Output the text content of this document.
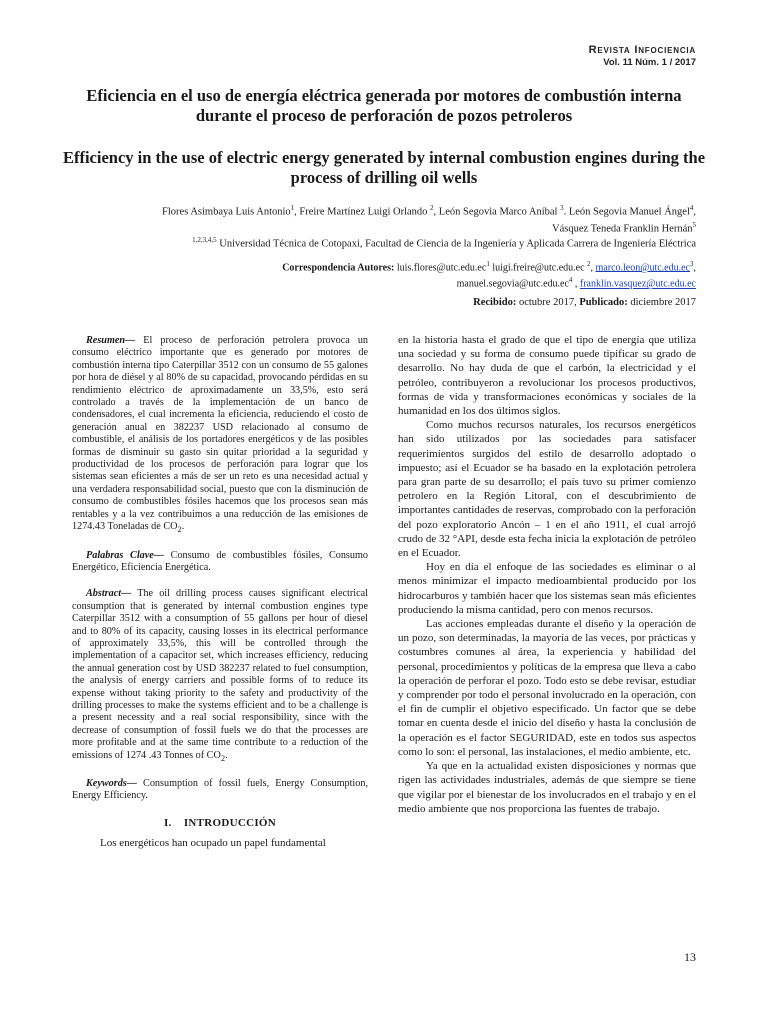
Revista Infociencia
Vol. 11 Núm. 1 / 2017
Eficiencia en el uso de energía eléctrica generada por motores de combustión interna durante el proceso de perforación de pozos petroleros
Efficiency in the use of electric energy generated by internal combustion engines during the process of drilling oil wells
Flores Asimbaya Luis Antonio$^1$, Freire Martínez Luigi Orlando $^2$, León Segovia Marco Aníbal $^3$. León Segovia Manuel Ángel$^4$,
Vásquez Teneda Franklin Hernán$^5$
$^{1,2,3,4,5}$ Universidad Técnica de Cotopaxi, Facultad de Ciencia de la Ingeniería y Aplicada Carrera de Ingeniería Eléctrica
Correspondencia Autores: $luis.flores@utc.edu.ec^1$ luigi.freire@utc.edu.ec $^2$, $marco.leon@utc.edu.ec^3$,
$manuel.segovia@utc.edu.ec^4$ , franklin.vasquez@utc.edu.ec
Recibido: octubre 2017, Publicado: diciembre 2017

Resumen— El proceso de perforación petrolera provoca un consumo eléctrico importante que es generado por motores de combustión interna tipo Caterpillar 3512 con un consumo de 55 galones por hora de diésel y al 80% de su capacidad, provocando pérdidas en su rendimiento eléctrico de aproximadamente un 33,5%, esto será controlado a través de la implementación de un banco de condensadores, el cual incrementa la eficiencia, reduciendo el costo de generación anual en 382237 USD relacionado al consumo de combustible, el análisis de los portadores energéticos y de las posibles formas de disminuir su gasto sin quitar prioridad a la seguridad y productividad de los procesos de perforación para lograr que los sistemas sean eficientes a más de ser un reto es una necesidad actual y una verdadera responsabilidad social, puesto que con la disminución de consumo de combustibles fósiles hacemos que los procesos sean más rentables y a la vez contribuimos a una reducción de las emisiones de 1274.43 Toneladas de $CO_2$.

Palabras Clave— Consumo de combustibles fósiles, Consumo Energético, Eficiencia Energética.

Abstract— The oil drilling process causes significant electrical consumption that is generated by internal combustion engines type Caterpillar 3512 with a consumption of 55 gallons per hour of diesel and to 80% of its capacity, causing losses in its electrical performance of approximately 33,5%, this will be controlled through the implementation of a capacitor set, which increases efficiency, reducing the annual generation cost by USD 382237 related to fuel consumption, the analysis of energy carriers and possible forms of to reduce its expense without taking priority to the safety and productivity of the drilling processes to make the systems efficient and to be a challenge is a present necessity and a real social responsibility, since with the decrease of consumption of fossil fuels we do that the processes are more profitable and at the same time contribute to a reduction of the emissions of 1274 .43 Tonnes of $CO_2$.

Keywords— Consumption of fossil fuels, Energy Consumption, Energy Efficiency.

I. INTRODUCCIÓN
Los energéticos han ocupado un papel fundamental

en la historia hasta el grado de que el tipo de energía que utiliza una sociedad y su forma de consumo puede tipificar su grado de desarrollo. No hay duda de que el carbón, la electricidad y el petróleo, contribuyeron a revolucionar los procesos productivos, formas de vida y transformaciones económicas y sociales de la humanidad en los dos últimos siglos.

Como muchos recursos naturales, los recursos energéticos han sido utilizados por las sociedades para satisfacer requerimientos surgidos del estilo de desarrollo adoptado o impuesto; así el Ecuador se ha basado en la explotación petrolera para gran parte de su desarrollo; el país tuvo su primer comienzo petrolero en la Región Litoral, con el descubrimiento de importantes cantidades de reservas, comprobado con la perforación del pozo exploratorio Ancón – 1 en el año 1911, el cual arrojó crudo de 32 °API, desde esta fecha inicia la explotación de petróleo en el Ecuador.

Hoy en día el enfoque de las sociedades es eliminar o al menos minimizar el impacto medioambiental producido por los hidrocarburos y también hacer que los sistemas sean más eficientes produciendo la misma cantidad, pero con menos recursos.

Las acciones empleadas durante el diseño y la operación de un pozo, son determinadas, la mayoría de las veces, por prácticas y costumbres comunes al área, la experiencia y habilidad del personal, procedimientos y políticas de la empresa que lleva a cabo la operación de perforar el pozo. Todo esto se debe revisar, estudiar y comprender por todo el personal involucrado en la operación, con el fin de cumplir el objetivo especificado. Un factor que se debe tomar en cuenta desde el inicio del diseño y hasta la conclusión de la operación es el factor SEGURIDAD, este en todos sus aspectos como lo son: el personal, las instalaciones, el medio ambiente, etc.

Ya que en la actualidad existen disposiciones y normas que rigen las actividades industriales, además de que siempre se tiene que vigilar por el bienestar de los involucrados en el trabajo y en el medio ambiente que nos proporciona las fuentes de trabajo.

13
